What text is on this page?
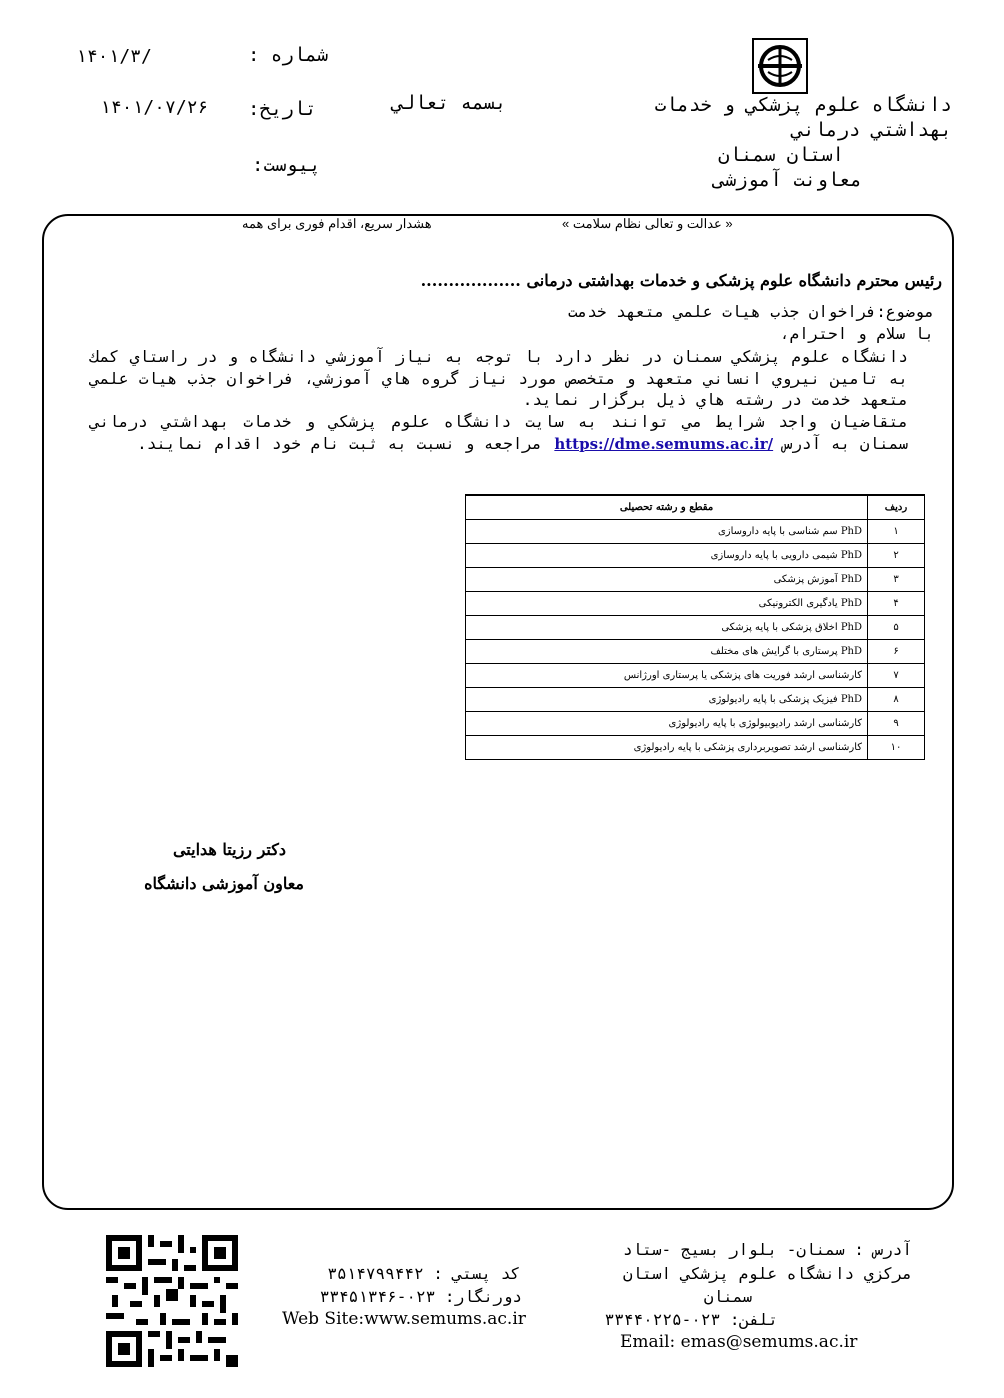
شماره :
۱۴۰۱/۳/
تاریخ:
۱۴۰۱/۰۷/۲۶
پیوست:
بسمه تعالي	دانشگاه علوم پزشكي و خدمات
بهداشتي درماني
استان سمنان
معاونت آموزشی
هشدار سریع، اقدام فوری برای همه	« عدالت و تعالی نظام سلامت »
رئیس محترم دانشگاه علوم پزشکی و خدمات بهداشتی درمانی ..................
موضوع:فراخوان جذب هيات علمي متعهد خدمت
با سلام و احترام،
دانشگاه علوم پزشكي سمنان در نظر دارد با توجه به نياز آموزشي دانشگاه و در راستاي كمك به تامين نيروي انساني متعهد و متخصص مورد نياز گروه هاي آموزشي، فراخوان جذب هيات علمي متعهد خدمت در رشته هاي ذيل برگزار نمايد.
متقاضيان واجد شرايط مي توانند به سايت دانشگاه علوم پزشكي و خدمات بهداشتي درماني سمنان به آدرس https://dme.semums.ac.ir/ مراجعه و نسبت به ثبت نام خود اقدام نمايند.
ردیف	مقطع و رشته تحصیلی
۱	PhD سم شناسی با پایه داروسازی
۲	PhD شیمی دارویی با پایه داروسازی
۳	PhD آموزش پزشکی
۴	PhD یادگیری الکترونیکی
۵	PhD اخلاق پزشکی با پایه پزشکی
۶	PhD پرستاری با گرایش های مختلف
۷	کارشناسی ارشد فوریت های پزشکی یا پرستاری اورژانس
۸	PhD فیزیک پزشکی با پایه رادیولوژی
۹	کارشناسی ارشد رادیوبیولوژی با پایه رادیولوژی
۱۰	کارشناسی ارشد تصویربرداری پزشکی با پایه رادیولوژی
دکتر رزیتا هدایتی
معاون آموزشی دانشگاه
آدرس : سمنان- بلوار بسيج -ستاد
مركزي دانشگاه علوم پزشكي استان
سمنان
تلفن: ۰۲۳-۳۳۴۴۰۲۲۵
Email: emas@semums.ac.ir
كد پستي : ۳۵۱۴۷۹۹۴۴۲
دورنگار: ۰۲۳-۳۳۴۵۱۳۴۶
Web Site:www.semums.ac.ir
